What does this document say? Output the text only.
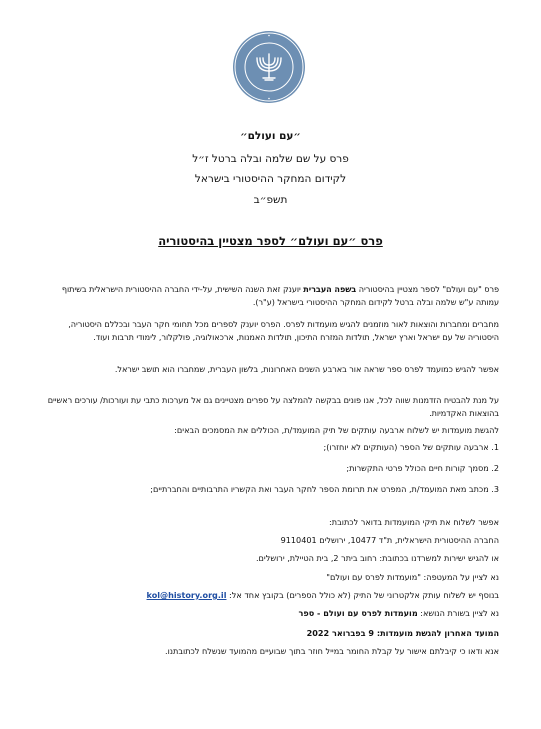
״עם ועולם״
פרס על שם שלמה ובלה ברטל ז״ל
לקידום המחקר ההיסטורי בישראל
תשפ״ב
פרס ״עם ועולם״ לספר מצטיין בהיסטוריה
פרס "עם ועולם" לספר מצטיין בהיסטוריה בשפה העברית יוענק זאת השנה השישית, על-ידי החברה ההיסטורית הישראלית בשיתוף עמותה ע"ש שלמה ובלה ברטל לקידום המחקר ההיסטורי בישראל (ע"ר).
מחברים ומחברות והוצאות לאור מוזמנים להגיש מועמדות לפרס. הפרס יוענק לספרים מכל תחומי חקר העבר ובכללם היסטוריה, היסטוריה של עם ישראל וארץ ישראל, תולדות המזרח התיכון, תולדות האמנות, ארכאולוגיה, פולקלור, לימודי תרבות ועוד.
אפשר להגיש כמועמד לפרס ספר שראה אור בארבע השנים האחרונות, בלשון העברית, שמחברו הוא תושב ישראל.
על מנת להבטיח הזדמנות שווה לכל, אנו פונים בבקשה להמלצה על ספרים מצטיינים גם אל מערכות כתבי עת ועורכות/ עורכים ראשיים בהוצאות האקדמיות.
להגשת מועמדות יש לשלוח ארבעה עותקים של תיק המועמד/ת, הכוללים את המסמכים הבאים:
1. ארבעה עותקים של הספר (העותקים לא יוחזרו);
2. מסמך קורות חיים הכולל פרטי התקשרות;
3. מכתב מאת המועמד/ת, המפרט את תרומת הספר לחקר העבר ואת הקשריו התרבותיים והחברתיים;
אפשר לשלוח את תיקי המועמדות בדואר לכתובת:
החברה ההיסטורית הישראלית, ת"ד 10477, ירושלים 9110401
או להגיש ישירות למשרדנו בכתובת: רחוב ביתר 2, בית הטיילת, ירושלים.
נא לציין על המעטפה: "מועמדות לפרס עם ועולם"
בנוסף יש לשלוח עותק אלקטרוני של התיק (לא כולל הספרים) בקובץ אחד אל: kol@history.org.il
נא לציין בשורת הנושא: מועמדות לפרס עם ועולם - ספר
המועד האחרון להגשת מועמדות: 9 בפברואר 2022
אנא ודאו כי קיבלתם אישור על קבלת החומר במייל חוזר בתוך שבועיים מהמועד שנשלח לכתובתנו.
